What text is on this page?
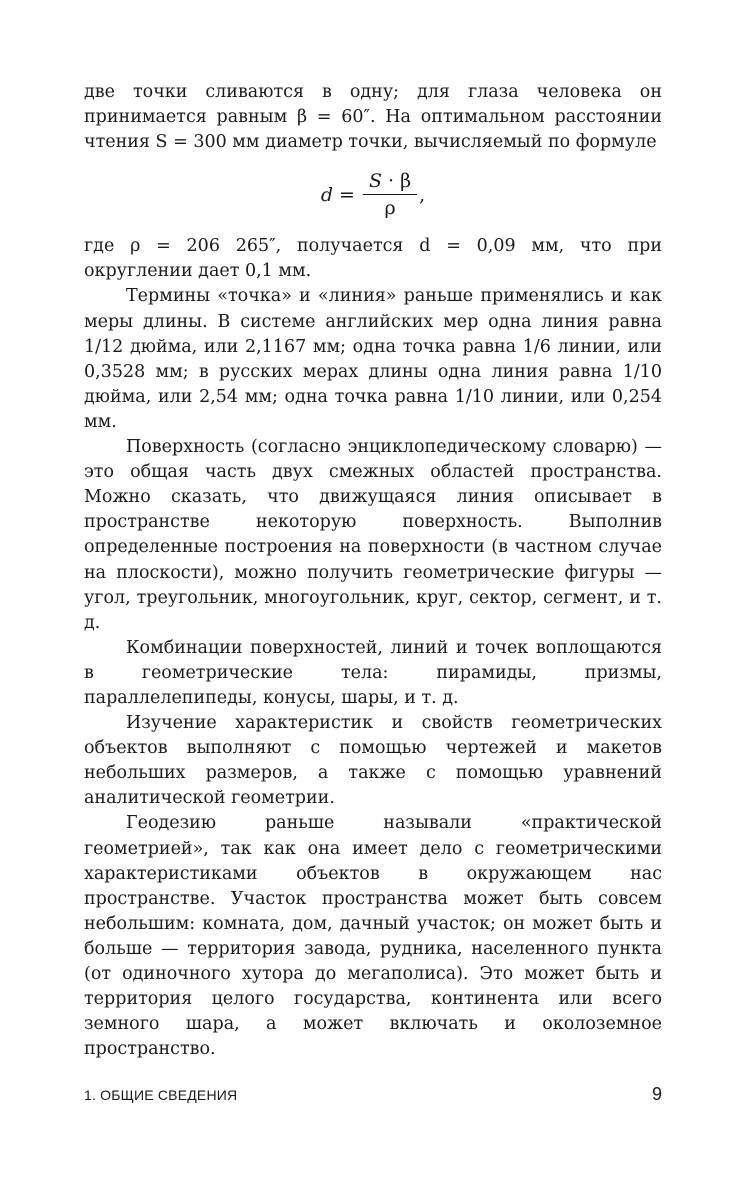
две точки сливаются в одну; для глаза человека он принимается равным β = 60″. На оптимальном расстоянии чтения S = 300 мм диаметр точки, вычисляемый по формуле

$d = \frac{S \cdot \beta}{\rho}$ ,

где ρ = 206 265″, получается d = 0,09 мм, что при округлении дает 0,1 мм.

Термины «точка» и «линия» раньше применялись и как меры длины. В системе английских мер одна линия равна 1/12 дюйма, или 2,1167 мм; одна точка равна 1/6 линии, или 0,3528 мм; в русских мерах длины одна линия равна 1/10 дюйма, или 2,54 мм; одна точка равна 1/10 линии, или 0,254 мм.

Поверхность (согласно энциклопедическому словарю) — это общая часть двух смежных областей пространства. Можно сказать, что движущаяся линия описывает в пространстве некоторую поверхность. Выполнив определенные построения на поверхности (в частном случае на плоскости), можно получить геометрические фигуры — угол, треугольник, многоугольник, круг, сектор, сегмент, и т. д.

Комбинации поверхностей, линий и точек воплощаются в геометрические тела: пирамиды, призмы, параллелепипеды, конусы, шары, и т. д.

Изучение характеристик и свойств геометрических объектов выполняют с помощью чертежей и макетов небольших размеров, а также с помощью уравнений аналитической геометрии.

Геодезию раньше называли «практической геометрией», так как она имеет дело с геометрическими характеристиками объектов в окружающем нас пространстве. Участок пространства может быть совсем небольшим: комната, дом, дачный участок; он может быть и больше — территория завода, рудника, населенного пункта (от одиночного хутора до мегаполиса). Это может быть и территория целого государства, континента или всего земного шара, а может включать и околоземное пространство.

1. ОБЩИЕ СВЕДЕНИЯ	9
